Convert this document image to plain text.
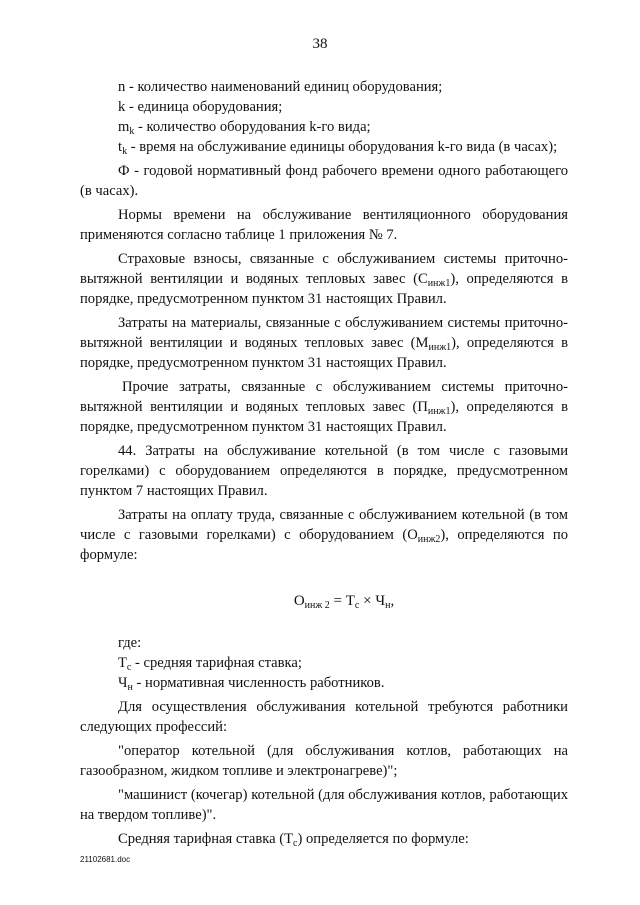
38

n - количество наименований единиц оборудования;

k - единица оборудования;

$m_k$ - количество оборудования k-го вида;

$t_k$ - время на обслуживание единицы оборудования k-го вида (в часах);

Ф - годовой нормативный фонд рабочего времени одного работающего (в часах).

Нормы времени на обслуживание вентиляционного оборудования применяются согласно таблице 1 приложения № 7.

Страховые взносы, связанные с обслуживанием системы приточно-вытяжной вентиляции и водяных тепловых завес $(С_{инж1})$, определяются в порядке, предусмотренном пунктом 31 настоящих Правил.

Затраты на материалы, связанные с обслуживанием системы приточно-вытяжной вентиляции и водяных тепловых завес $(М_{инж1})$, определяются в порядке, предусмотренном пунктом 31 настоящих Правил.

Прочие затраты, связанные с обслуживанием системы приточно-вытяжной вентиляции и водяных тепловых завес $(П_{инж1})$, определяются в порядке, предусмотренном пунктом 31 настоящих Правил.

44. Затраты на обслуживание котельной (в том числе с газовыми горелками) с оборудованием определяются в порядке, предусмотренном пунктом 7 настоящих Правил.

Затраты на оплату труда, связанные с обслуживанием котельной (в том числе с газовыми горелками) с оборудованием $(О_{инж2})$, определяются по формуле:

$О_{инж 2} = Т_с \times Ч_н$,

где:

$Т_с$ - средняя тарифная ставка;

$Ч_н$ - нормативная численность работников.

Для осуществления обслуживания котельной требуются работники следующих профессий:

"оператор котельной (для обслуживания котлов, работающих на газообразном, жидком топливе и электронагреве)";

"машинист (кочегар) котельной (для обслуживания котлов, работающих на твердом топливе)".

Средняя тарифная ставка $(Т_с)$ определяется по формуле:

21102681.doc
